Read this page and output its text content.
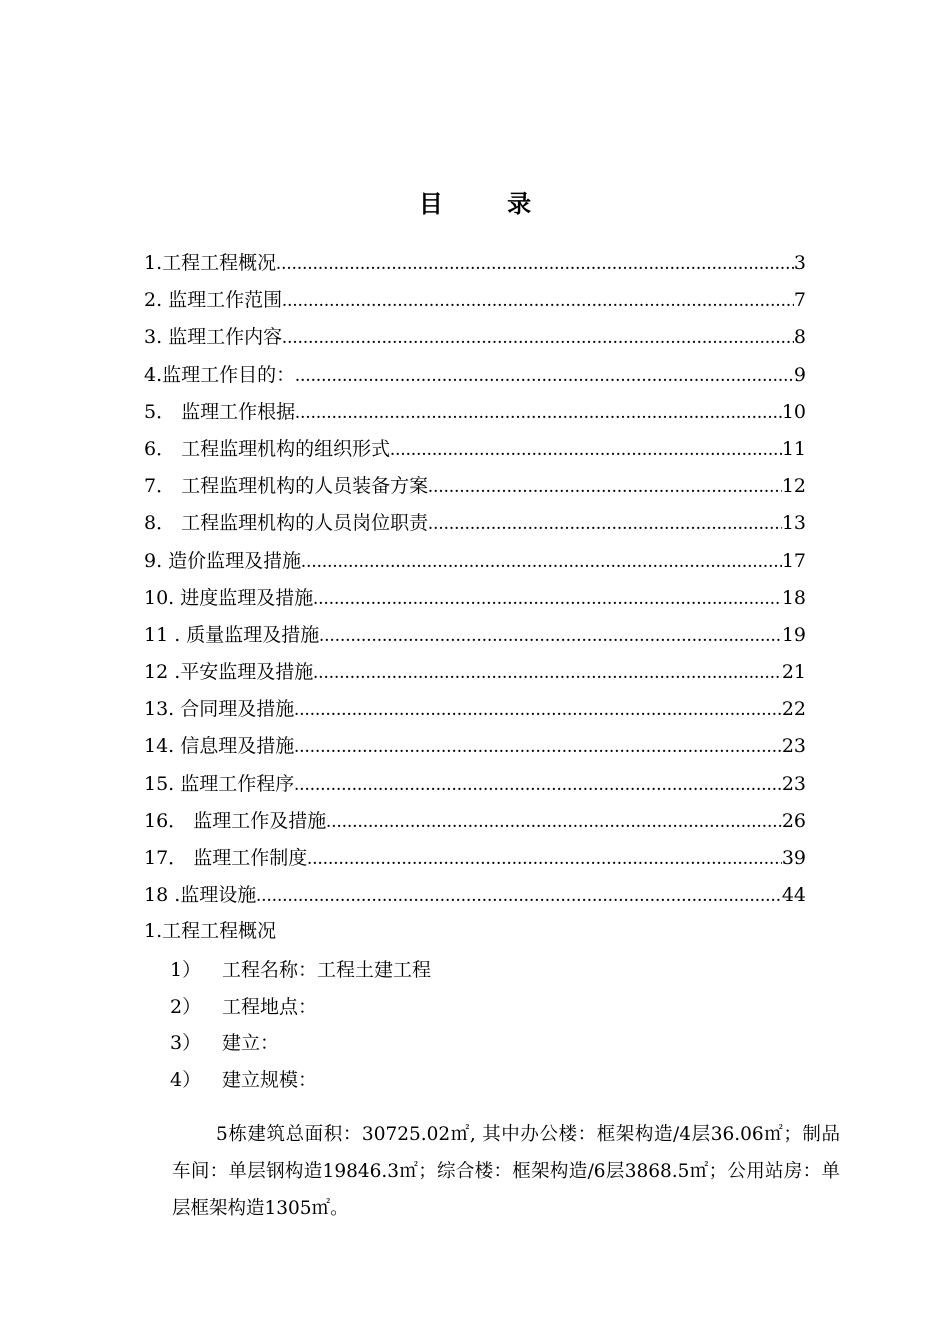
目 录
1.工程工程概况 .....	3
2. 监理工作范围 .....	7
3. 监理工作内容 .....	8
4.监理工作目的： .....	9
5． 监理工作根据 .....	10
6． 工程监理机构的组织形式 .....	11
7． 工程监理机构的人员装备方案 .....	12
8． 工程监理机构的人员岗位职责 .....	13
9. 造价监理及措施 .....	17
10. 进度监理及措施 .....	18
11 . 质量监理及措施 .....	19
12 .平安监理及措施 .....	21
13. 合同理及措施 .....	22
14. 信息理及措施 .....	23
15. 监理工作程序 .....	23
16． 监理工作及措施 .....	26
17． 监理工作制度 .....	39
18 .监理设施 .....	44
1.工程工程概况
1）	工程名称：工程土建工程
2）	工程地点：
3）	建立：
4）	建立规模：

5栋建筑总面积：30725.02㎡, 其中办公楼：框架构造/4层36.06㎡；制品车间：单层钢构造19846.3㎡；综合楼：框架构造/6层3868.5㎡；公用站房：单层框架构造1305㎡。
